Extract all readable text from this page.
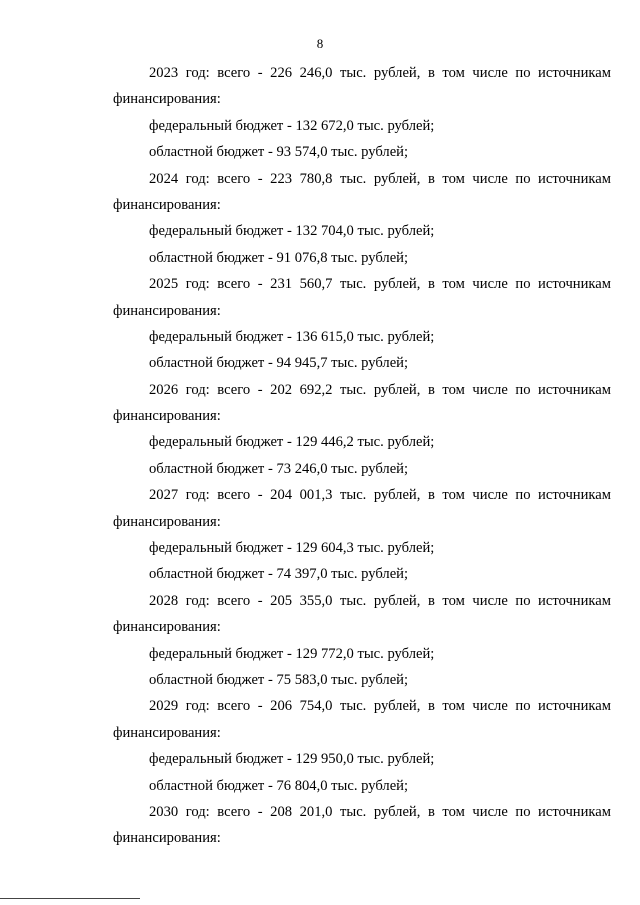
8
2023 год: всего - 226 246,0 тыс. рублей, в том числе по источникам
финансирования:
федеральный бюджет - 132 672,0 тыс. рублей;
областной бюджет - 93 574,0 тыс. рублей;
2024 год: всего - 223 780,8 тыс. рублей, в том числе по источникам
финансирования:
федеральный бюджет - 132 704,0 тыс. рублей;
областной бюджет - 91 076,8 тыс. рублей;
2025 год: всего - 231 560,7 тыс. рублей, в том числе по источникам
финансирования:
федеральный бюджет - 136 615,0 тыс. рублей;
областной бюджет - 94 945,7 тыс. рублей;
2026 год: всего - 202 692,2 тыс. рублей, в том числе по источникам
финансирования:
федеральный бюджет - 129 446,2 тыс. рублей;
областной бюджет - 73 246,0 тыс. рублей;
2027 год: всего - 204 001,3 тыс. рублей, в том числе по источникам
финансирования:
федеральный бюджет - 129 604,3 тыс. рублей;
областной бюджет - 74 397,0 тыс. рублей;
2028 год: всего - 205 355,0 тыс. рублей, в том числе по источникам
финансирования:
федеральный бюджет - 129 772,0 тыс. рублей;
областной бюджет - 75 583,0 тыс. рублей;
2029 год: всего - 206 754,0 тыс. рублей, в том числе по источникам
финансирования:
федеральный бюджет - 129 950,0 тыс. рублей;
областной бюджет - 76 804,0 тыс. рублей;
2030 год: всего - 208 201,0 тыс. рублей, в том числе по источникам
финансирования:
